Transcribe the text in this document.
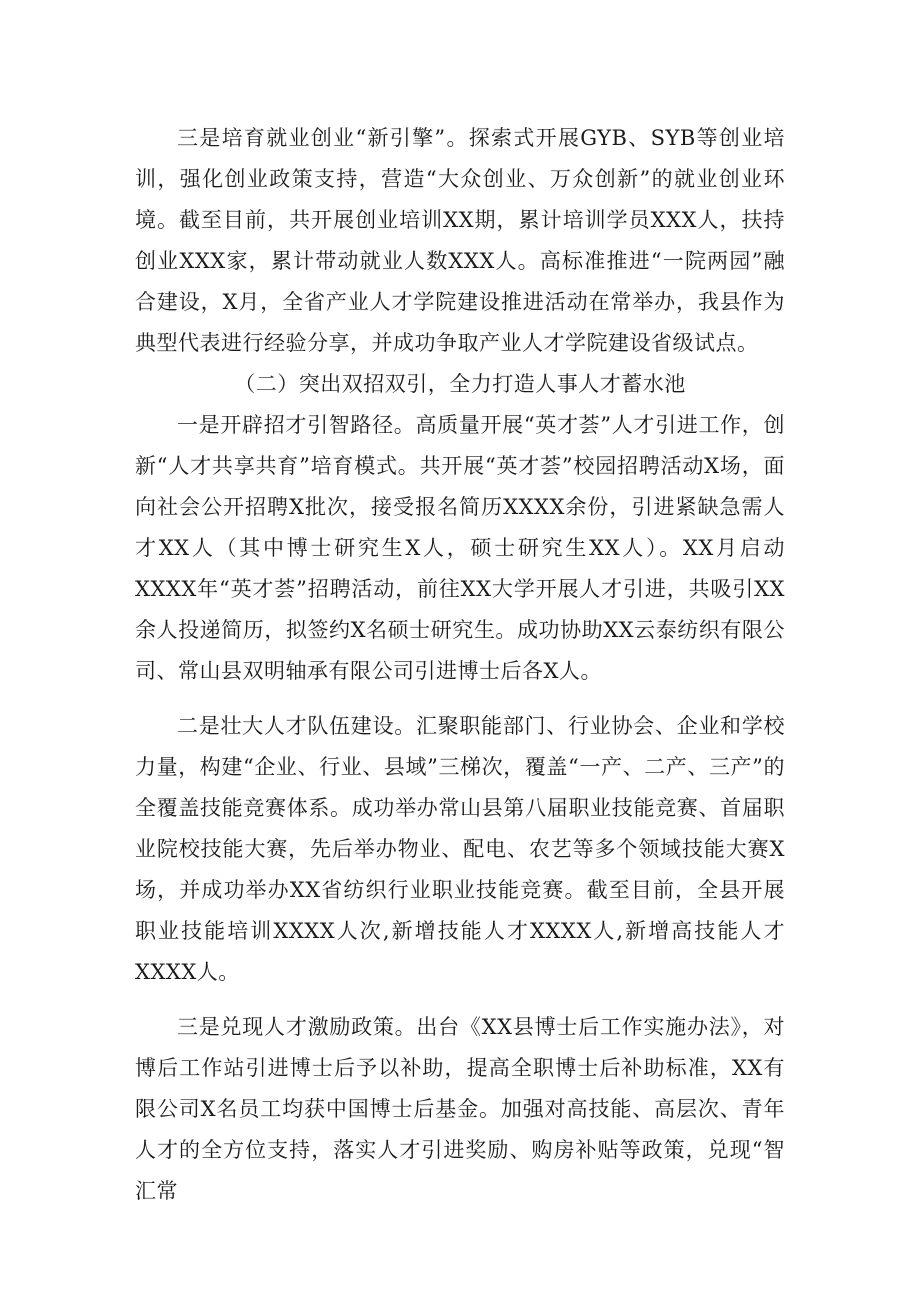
三是培育就业创业“新引擎”。探索式开展GYB、SYB等创业培训，强化创业政策支持，营造“大众创业、万众创新”的就业创业环境。截至目前，共开展创业培训XX期，累计培训学员XXX人，扶持创业XXX家，累计带动就业人数XXX人。高标准推进“一院两园”融合建设，X月，全省产业人才学院建设推进活动在常举办，我县作为典型代表进行经验分享，并成功争取产业人才学院建设省级试点。

（二）突出双招双引，全力打造人事人才蓄水池

一是开辟招才引智路径。高质量开展“英才荟”人才引进工作，创新“人才共享共育”培育模式。共开展“英才荟”校园招聘活动X场，面向社会公开招聘X批次，接受报名简历XXXX余份，引进紧缺急需人才XX人（其中博士研究生X人，硕士研究生XX人）。XX月启动XXXX年“英才荟”招聘活动，前往XX大学开展人才引进，共吸引XX余人投递简历，拟签约X名硕士研究生。成功协助XX云泰纺织有限公司、常山县双明轴承有限公司引进博士后各X人。

二是壮大人才队伍建设。汇聚职能部门、行业协会、企业和学校力量，构建“企业、行业、县域”三梯次，覆盖“一产、二产、三产”的全覆盖技能竞赛体系。成功举办常山县第八届职业技能竞赛、首届职业院校技能大赛，先后举办物业、配电、农艺等多个领域技能大赛X场，并成功举办XX省纺织行业职业技能竞赛。截至目前，全县开展职业技能培训XXXX人次,新增技能人才XXXX人,新增高技能人才XXXX人。

三是兑现人才激励政策。出台《XX县博士后工作实施办法》，对博后工作站引进博士后予以补助，提高全职博士后补助标准，XX有限公司X名员工均获中国博士后基金。加强对高技能、高层次、青年人才的全方位支持，落实人才引进奖励、购房补贴等政策，兑现“智汇常
